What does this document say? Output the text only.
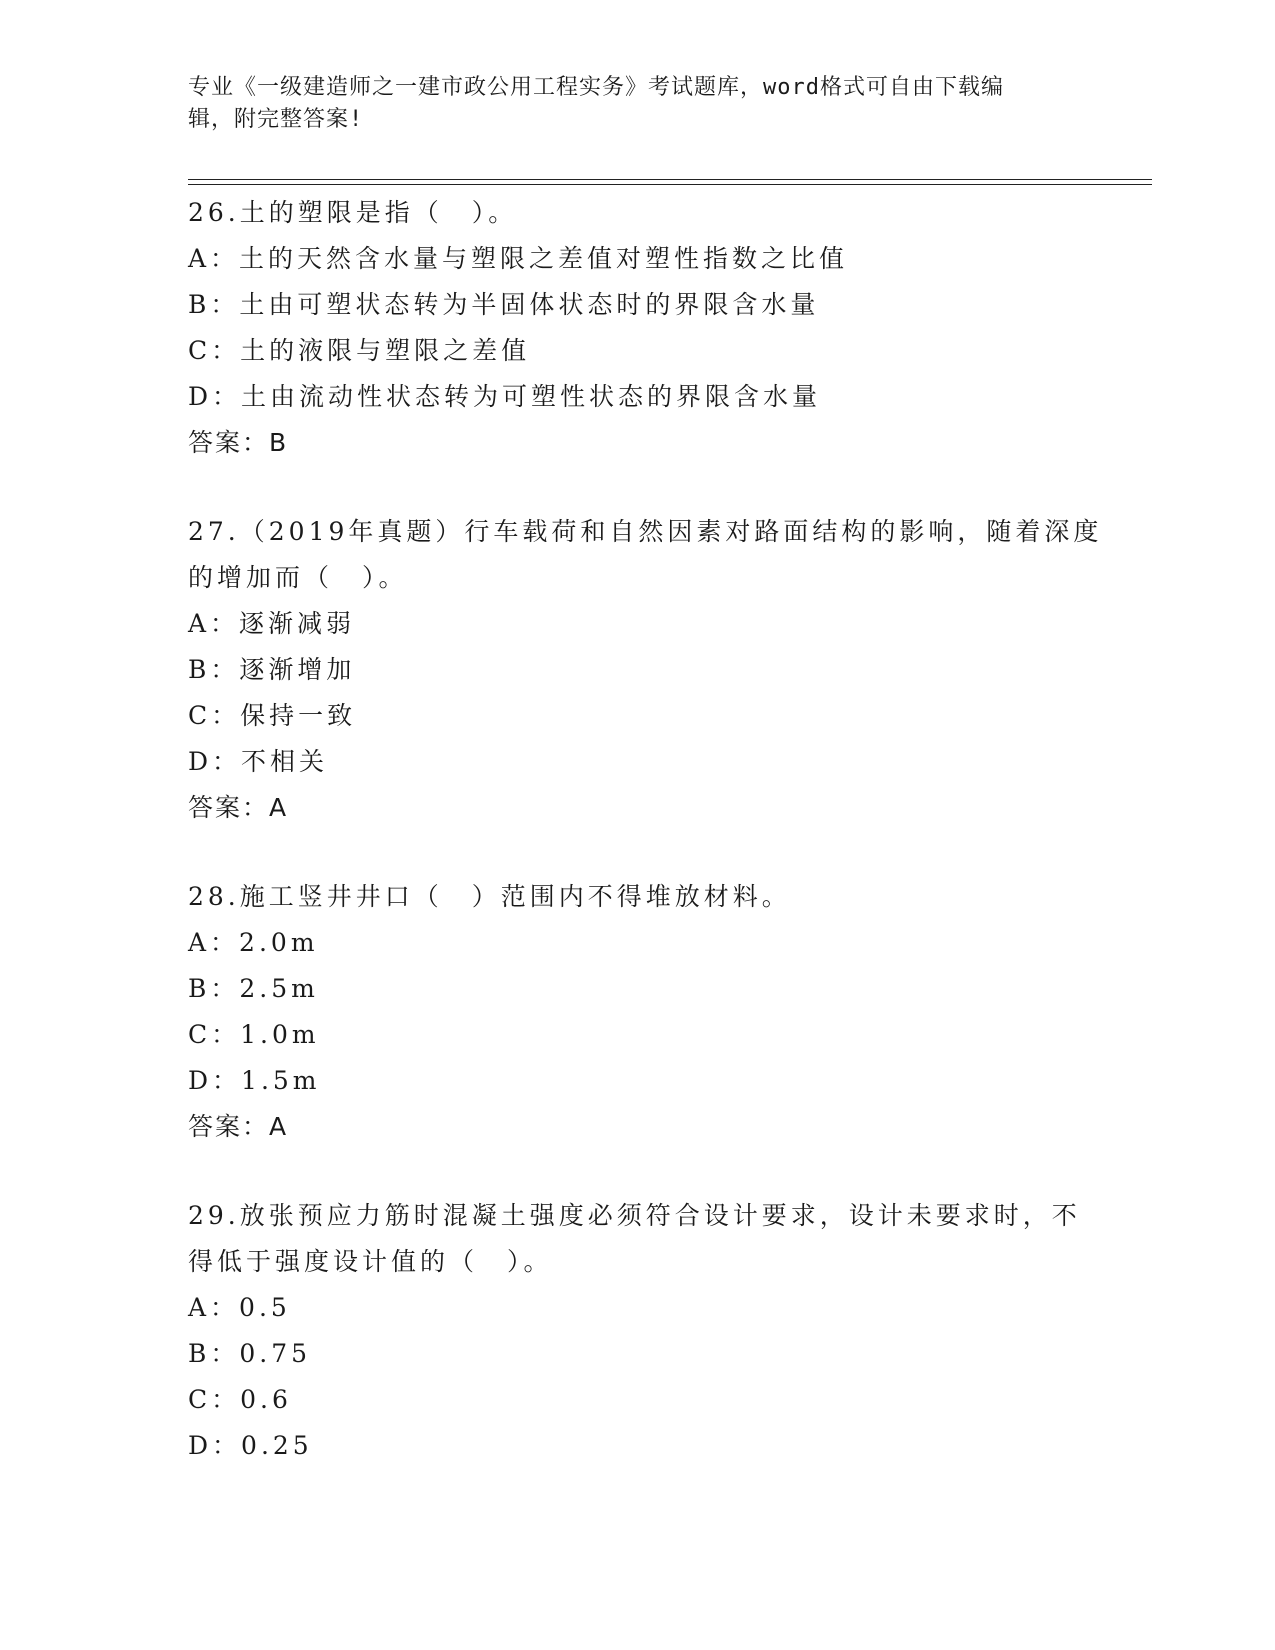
专业《一级建造师之一建市政公用工程实务》考试题库，word格式可自由下载编
辑，附完整答案!
26.土的塑限是指（　）。
A：土的天然含水量与塑限之差值对塑性指数之比值
B：土由可塑状态转为半固体状态时的界限含水量
C：土的液限与塑限之差值
D：土由流动性状态转为可塑性状态的界限含水量
答案：B
27.（2019年真题）行车载荷和自然因素对路面结构的影响，随着深度
的增加而（　）。
A：逐渐减弱
B：逐渐增加
C：保持一致
D：不相关
答案：A
28.施工竖井井口（　）范围内不得堆放材料。
A：2.0m
B：2.5m
C：1.0m
D：1.5m
答案：A
29.放张预应力筋时混凝土强度必须符合设计要求，设计未要求时，不
得低于强度设计值的（　）。
A：0.5
B：0.75
C：0.6
D：0.25
